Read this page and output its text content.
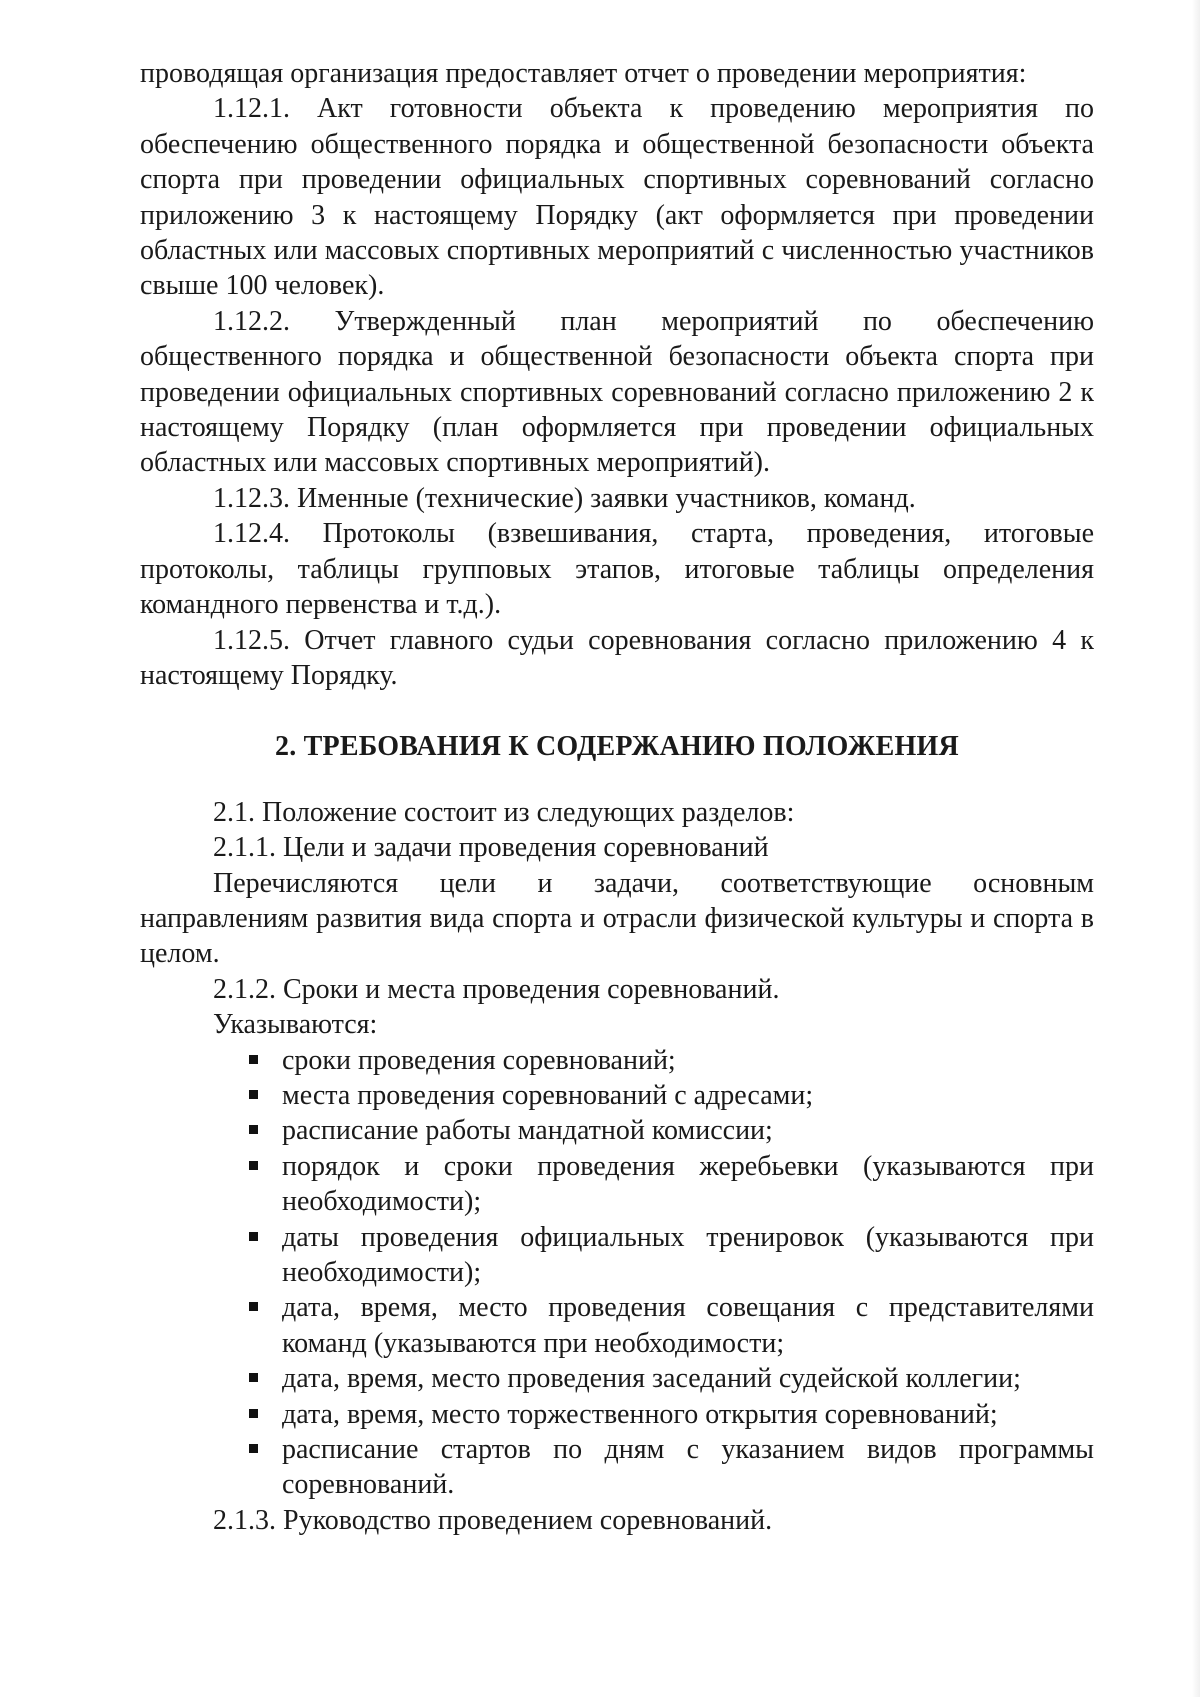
проводящая организация предоставляет отчет о проведении мероприятия:

1.12.1. Акт готовности объекта к проведению мероприятия по обеспечению общественного порядка и общественной безопасности объекта спорта при проведении официальных спортивных соревнований согласно приложению 3 к настоящему Порядку (акт оформляется при проведении областных или массовых спортивных мероприятий с численностью участников свыше 100 человек).

1.12.2. Утвержденный план мероприятий по обеспечению общественного порядка и общественной безопасности объекта спорта при проведении официальных спортивных соревнований согласно приложению 2 к настоящему Порядку (план оформляется при проведении официальных областных или массовых спортивных мероприятий).

1.12.3. Именные (технические) заявки участников, команд.

1.12.4. Протоколы (взвешивания, старта, проведения, итоговые протоколы, таблицы групповых этапов, итоговые таблицы определения командного первенства и т.д.).

1.12.5. Отчет главного судьи соревнования согласно приложению 4 к настоящему Порядку.

2. ТРЕБОВАНИЯ К СОДЕРЖАНИЮ ПОЛОЖЕНИЯ

2.1. Положение состоит из следующих разделов:

2.1.1. Цели и задачи проведения соревнований

Перечисляются цели и задачи, соответствующие основным направлениям развития вида спорта и отрасли физической культуры и спорта в целом.

2.1.2. Сроки и места проведения соревнований.

Указываются:

сроки проведения соревнований;
места проведения соревнований с адресами;
расписание работы мандатной комиссии;
порядок и сроки проведения жеребьевки (указываются при необходимости);
даты проведения официальных тренировок (указываются при необходимости);
дата, время, место проведения совещания с представителями команд (указываются при необходимости;
дата, время, место проведения заседаний судейской коллегии;
дата, время, место торжественного открытия соревнований;
расписание стартов по дням с указанием видов программы соревнований.

2.1.3. Руководство проведением соревнований.
